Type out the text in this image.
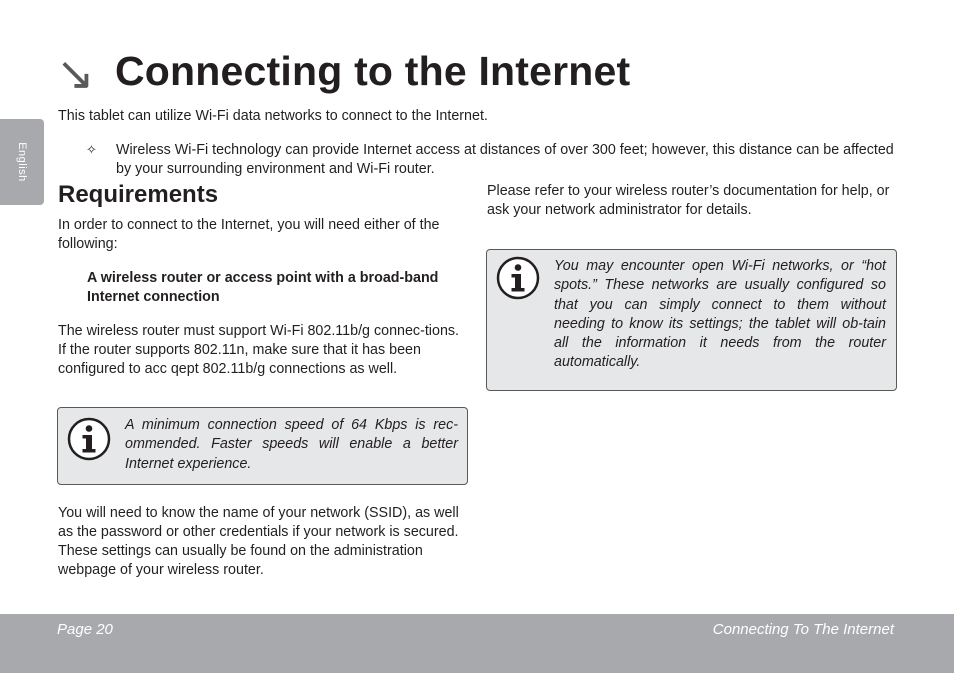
English
↘ Connecting to the Internet
This tablet can utilize Wi-Fi data networks to connect to the Internet.
✧ Wireless Wi-Fi technology can provide Internet access at distances of over 300 feet; however, this distance can be affected by your surrounding environment and Wi-Fi router.
Requirements
In order to connect to the Internet, you will need either of the following:
A wireless router or access point with a broad-band Internet connection
The wireless router must support Wi-Fi 802.11b/g connec-tions. If the router supports 802.11n, make sure that it has been configured to acc qept 802.11b/g connections as well.
A minimum connection speed of 64 Kbps is rec-ommended. Faster speeds will enable a better Internet experience.
You will need to know the name of your network (SSID), as well as the password or other credentials if your network is secured. These settings can usually be found on the administration webpage of your wireless router.
Please refer to your wireless router’s documentation for help, or ask your network administrator for details.
You may encounter open Wi-Fi networks, or “hot spots.” These networks are usually configured so that you can simply connect to them without needing to know its settings; the tablet will ob-tain all the information it needs from the router automatically.
Page 20	Connecting To The Internet
